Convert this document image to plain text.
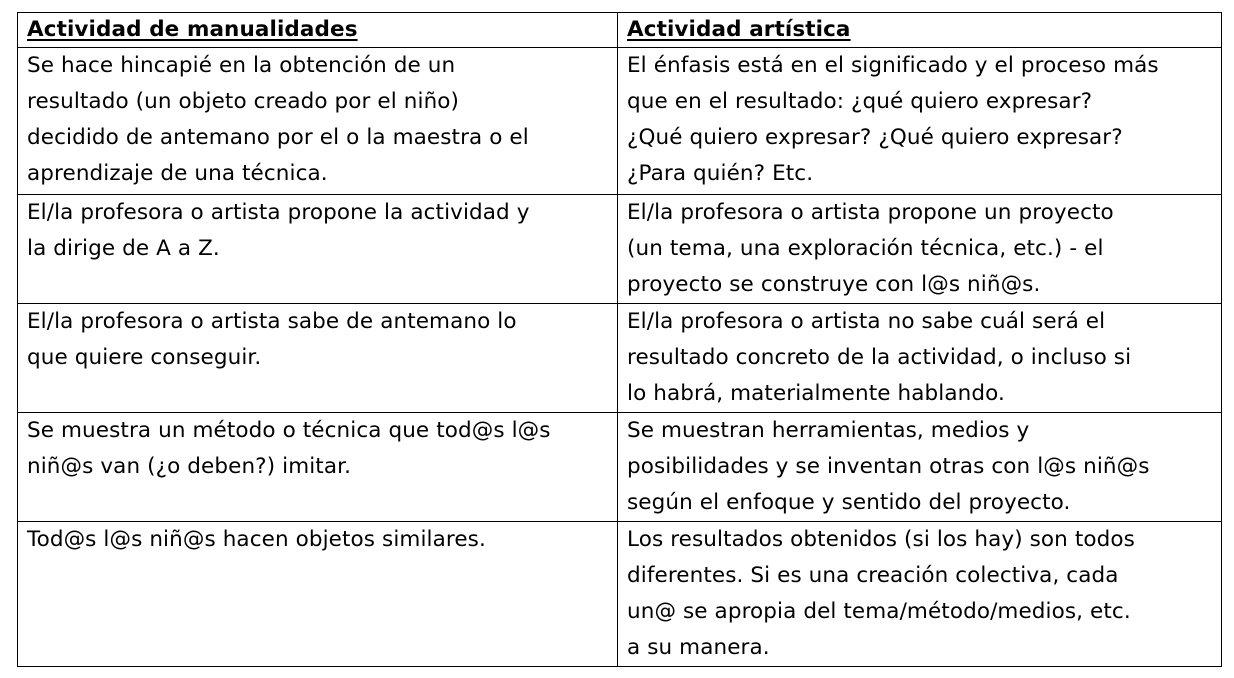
Actividad de manualidades	Actividad artística

Se hace hincapié en la obtención de un
resultado (un objeto creado por el niño)
decidido de antemano por el o la maestra o el
aprendizaje de una técnica.	El énfasis está en el significado y el proceso más
que en el resultado: ¿qué quiero expresar?
¿Qué quiero expresar? ¿Qué quiero expresar?
¿Para quién? Etc.

El/la profesora o artista propone la actividad y
la dirige de A a Z.	El/la profesora o artista propone un proyecto
(un tema, una exploración técnica, etc.) - el
proyecto se construye con l@s niñ@s.

El/la profesora o artista sabe de antemano lo
que quiere conseguir.	El/la profesora o artista no sabe cuál será el
resultado concreto de la actividad, o incluso si
lo habrá, materialmente hablando.

Se muestra un método o técnica que tod@s l@s
niñ@s van (¿o deben?) imitar.	Se muestran herramientas, medios y
posibilidades y se inventan otras con l@s niñ@s
según el enfoque y sentido del proyecto.

Tod@s l@s niñ@s hacen objetos similares.	Los resultados obtenidos (si los hay) son todos
diferentes. Si es una creación colectiva, cada
un@ se apropia del tema/método/medios, etc.
a su manera.
